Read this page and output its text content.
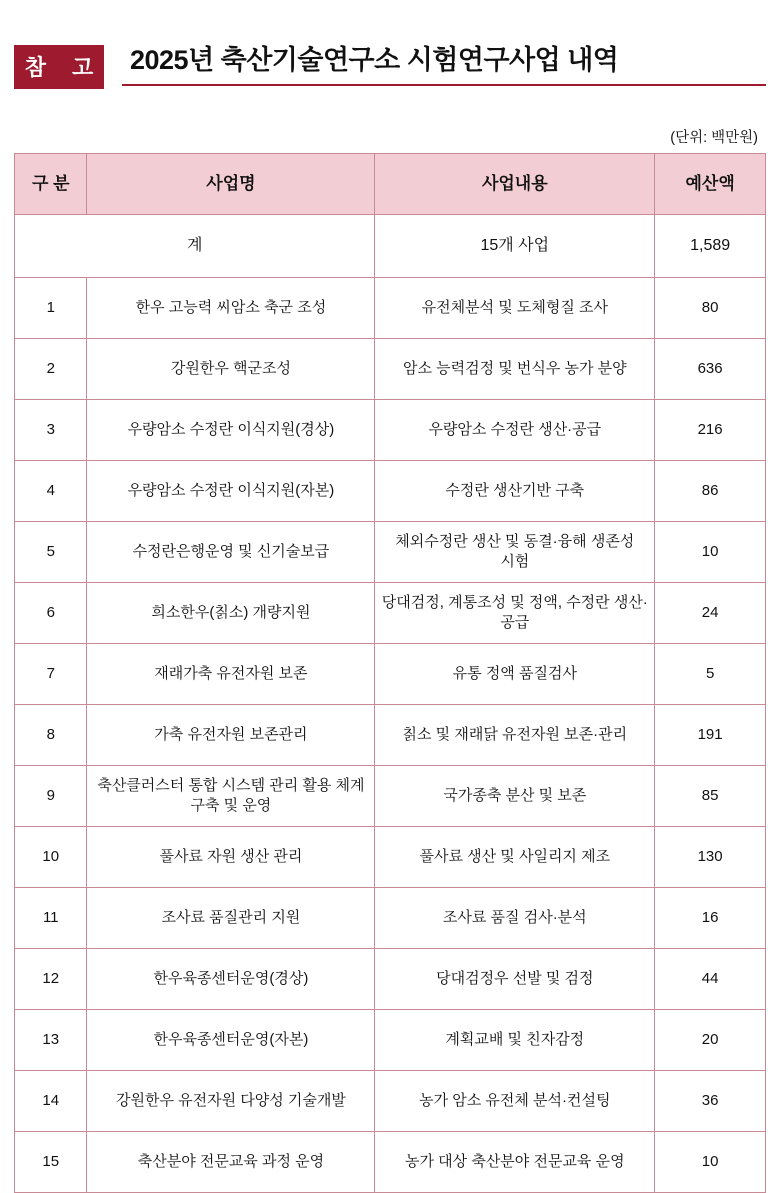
참 고 2025년 축산기술연구소 시험연구사업 내역
(단위: 백만원)
구 분	사업명	사업내용	예산액
계		15개 사업	1,589
1	한우 고능력 씨암소 축군 조성	유전체분석 및 도체형질 조사	80
2	강원한우 핵군조성	암소 능력검정 및 번식우 농가 분양	636
3	우량암소 수정란 이식지원(경상)	우량암소 수정란 생산·공급	216
4	우량암소 수정란 이식지원(자본)	수정란 생산기반 구축	86
5	수정란은행운영 및 신기술보급	체외수정란 생산 및 동결·융해 생존성 시험	10
6	희소한우(칡소) 개량지원	당대검정, 계통조성 및 정액, 수정란 생산·공급	24
7	재래가축 유전자원 보존	유통 정액 품질검사	5
8	가축 유전자원 보존관리	칡소 및 재래닭 유전자원 보존·관리	191
9	축산클러스터 통합 시스템 관리 활용 체계 구축 및 운영	국가종축 분산 및 보존	85
10	풀사료 자원 생산 관리	풀사료 생산 및 사일리지 제조	130
11	조사료 품질관리 지원	조사료 품질 검사·분석	16
12	한우육종센터운영(경상)	당대검정우 선발 및 검정	44
13	한우육종센터운영(자본)	계획교배 및 친자감정	20
14	강원한우 유전자원 다양성 기술개발	농가 암소 유전체 분석·컨설팅	36
15	축산분야 전문교육 과정 운영	농가 대상 축산분야 전문교육 운영	10
